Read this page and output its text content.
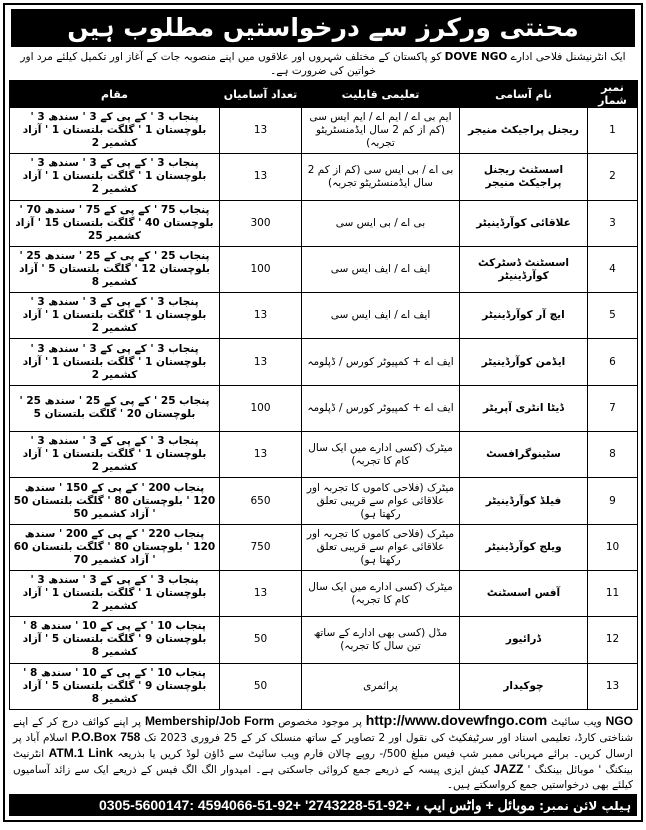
محنتی ورکرز سے درخواستیں مطلوب ہیں
ایک انٹرنیشنل فلاحی ادارے DOVE NGO کو پاکستان کے مختلف شہروں اور علاقوں میں اپنے منصوبہ جات کے آغاز اور تکمیل کیلئے مرد اور خواتین کی ضرورت ہے۔
نمبر شمار	نام آسامی	تعلیمی قابلیت	تعداد آسامیاں	مقام
1	ریجنل پراجیکٹ منیجر	ایم بی اے / ایم اے / ایم ایس سی (کم از کم 2 سال ایڈمنسٹریٹو تجربہ)	13	پنجاب 3 ' کے پی کے 3 ' سندھ 3 ' بلوچستان 1 ' گلگت بلتستان 1 ' آزاد کشمیر 2
2	اسسٹنٹ ریجنل پراجیکٹ منیجر	بی اے / بی ایس سی (کم از کم 2 سال ایڈمنسٹریٹو تجربہ)	13	پنجاب 3 ' کے پی کے 3 ' سندھ 3 ' بلوچستان 1 ' گلگت بلتستان 1 ' آزاد کشمیر 2
3	علاقائی کوآرڈینیٹر	بی اے / بی ایس سی	300	پنجاب 75 ' کے پی کے 75 ' سندھ 70 ' بلوچستان 40 ' گلگت بلتستان 15 ' آزاد کشمیر 25
4	اسسٹنٹ ڈسٹرکٹ کوآرڈینیٹر	ایف اے / ایف ایس سی	100	پنجاب 25 ' کے پی کے 25 ' سندھ 25 ' بلوچستان 12 ' گلگت بلتستان 5 ' آزاد کشمیر 8
5	ایچ آر کوآرڈینیٹر	ایف اے / ایف ایس سی	13	پنجاب 3 ' کے پی کے 3 ' سندھ 3 ' بلوچستان 1 ' گلگت بلتستان 1 ' آزاد کشمیر 2
6	ایڈمن کوآرڈینیٹر	ایف اے + کمپیوٹر کورس / ڈپلومہ	13	پنجاب 3 ' کے پی کے 3 ' سندھ 3 ' بلوچستان 1 ' گلگت بلتستان 1 ' آزاد کشمیر 2
7	ڈیٹا انٹری آپریٹر	ایف اے + کمپیوٹر کورس / ڈپلومہ	100	پنجاب 25 ' کے پی کے 25 ' سندھ 25 ' بلوچستان 20 ' گلگت بلتستان 5
8	سٹینوگرافسٹ	میٹرک (کسی ادارے میں ایک سال کام کا تجربہ)	13	پنجاب 3 ' کے پی کے 3 ' سندھ 3 ' بلوچستان 1 ' گلگت بلتستان 1 ' آزاد کشمیر 2
9	فیلڈ کوآرڈینیٹر	میٹرک (فلاحی کاموں کا تجربہ اور علاقائی عوام سے قریبی تعلق رکھتا ہو)	650	پنجاب 200 ' کے پی کے 150 ' سندھ 120 ' بلوچستان 80 ' گلگت بلتستان 50 ' آزاد کشمیر 50
10	ویلج کوآرڈینیٹر	میٹرک (فلاحی کاموں کا تجربہ اور علاقائی عوام سے قریبی تعلق رکھتا ہو)	750	پنجاب 220 ' کے پی کے 200 ' سندھ 120 ' بلوچستان 80 ' گلگت بلتستان 60 ' آزاد کشمیر 70
11	آفس اسسٹنٹ	میٹرک (کسی ادارے میں ایک سال کام کا تجربہ)	13	پنجاب 3 ' کے پی کے 3 ' سندھ 3 ' بلوچستان 1 ' گلگت بلتستان 1 ' آزاد کشمیر 2
12	ڈرائیور	مڈل (کسی بھی ادارے کے ساتھ تین سال کا تجربہ)	50	پنجاب 10 ' کے پی کے 10 ' سندھ 8 ' بلوچستان 9 ' گلگت بلتستان 5 ' آزاد کشمیر 8
13	چوکیدار	پرائمری	50	پنجاب 10 ' کے پی کے 10 ' سندھ 8 ' بلوچستان 9 ' گلگت بلتستان 5 ' آزاد کشمیر 8
NGO ویب سائیٹ http://www.dovewfngo.com پر موجود مخصوص Membership/Job Form پر اپنے کوائف درج کر کے اپنے شناختی کارڈ، تعلیمی اسناد اور سرٹیفکیٹ کی نقول اور 2 تصاویر کے ساتھ منسلک کر کے 25 فروری 2023 تک P.O.Box 758 اسلام آباد پر ارسال کریں۔ برائے مہربانی ممبر شپ فیس مبلغ 500/- روپے چالان فارم ویب سائیٹ سے ڈاؤن لوڈ کریں یا بذریعہ ATM.1 Link انٹرنیٹ بینکنگ ' موبائل بینکنگ ' JAZZ کیش ایزی پیسہ کے ذریعے جمع کروائی جاسکتی ہے۔ امیدوار الگ الگ فیس کے ذریعے ایک سے زائد آسامیوں کیلئے بھی درخواستیں جمع کرواسکتے ہیں۔
ہیلپ لائن نمبر: 0305-5600147: موبائل + واٹس ایپ ، +92-51-2743228' +92-51-4594066
